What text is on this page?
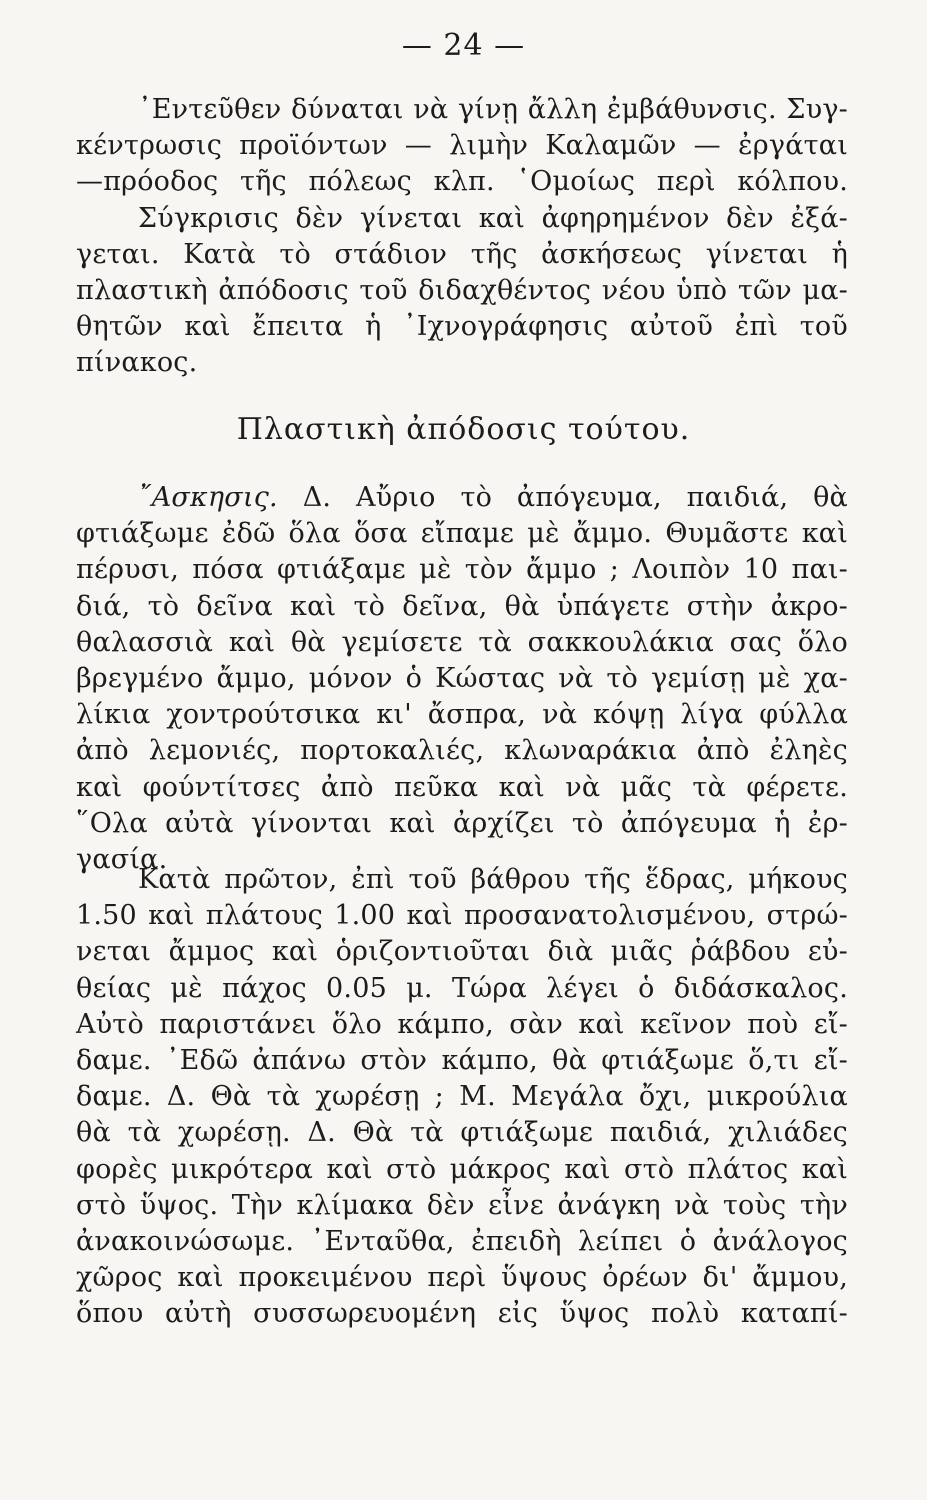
— 24 —
᾿Εντεῦθεν δύναται νὰ γίνῃ ἄλλη ἐμβάθυνσις. Συγ-
κέντρωσις προϊόντων — λιμὴν Καλαμῶν — ἐργάται
—πρόοδος τῆς πόλεως κλπ. ῾Ομοίως περὶ κόλπου.
Σύγκρισις δὲν γίνεται καὶ ἀφηρημένον δὲν ἐξά-
γεται. Κατὰ τὸ στάδιον τῆς ἀσκήσεως γίνεται ἡ
πλαστικὴ ἀπόδοσις τοῦ διδαχθέντος νέου ὑπὸ τῶν μα-
θητῶν καὶ ἔπειτα ἡ ᾿Ιχνογράφησις αὐτοῦ ἐπὶ τοῦ
πίνακος.
Πλαστικὴ ἀπόδοσις τούτου.
῎Ασκησις. Δ. Αὔριο τὸ ἀπόγευμα, παιδιά, θὰ
φτιάξωμε ἐδῶ ὅλα ὅσα εἴπαμε μὲ ἄμμο. Θυμᾶστε καὶ
πέρυσι, πόσα φτιάξαμε μὲ τὸν ἄμμο ; Λοιπὸν 10 παι-
διά, τὸ δεῖνα καὶ τὸ δεῖνα, θὰ ὑπάγετε στὴν ἀκρο-
θαλασσιὰ καὶ θὰ γεμίσετε τὰ σακκουλάκια σας ὅλο
βρεγμένο ἄμμο, μόνον ὁ Κώστας νὰ τὸ γεμίσῃ μὲ χα-
λίκια χοντρούτσικα κι' ἄσπρα, νὰ κόψῃ λίγα φύλλα
ἀπὸ λεμονιές, πορτοκαλιές, κλωναράκια ἀπὸ ἐληὲς
καὶ φούντίτσες ἀπὸ πεῦκα καὶ νὰ μᾶς τὰ φέρετε.
῞Ολα αὐτὰ γίνονται καὶ ἀρχίζει τὸ ἀπόγευμα ἡ ἐρ-
γασία.
Κατὰ πρῶτον, ἐπὶ τοῦ βάθρου τῆς ἕδρας, μήκους
1.50 καὶ πλάτους 1.00 καὶ προσανατολισμένου, στρώ-
νεται ἄμμος καὶ ὁριζοντιοῦται διὰ μιᾶς ῥάβδου εὐ-
θείας μὲ πάχος 0.05 μ. Τώρα λέγει ὁ διδάσκαλος.
Αὐτὸ παριστάνει ὅλο κάμπο, σὰν καὶ κεῖνον ποὺ εἴ-
δαμε. ᾿Εδῶ ἀπάνω στὸν κάμπο, θὰ φτιάξωμε ὅ,τι εἴ-
δαμε. Δ. Θὰ τὰ χωρέσῃ ; Μ. Μεγάλα ὄχι, μικρούλια
θὰ τὰ χωρέσῃ. Δ. Θὰ τὰ φτιάξωμε παιδιά, χιλιάδες
φορὲς μικρότερα καὶ στὸ μάκρος καὶ στὸ πλάτος καὶ
στὸ ὕψος. Τὴν κλίμακα δὲν εἶνε ἀνάγκη νὰ τοὺς τὴν
ἀνακοινώσωμε. ᾿Ενταῦθα, ἐπειδὴ λείπει ὁ ἀνάλογος
χῶρος καὶ προκειμένου περὶ ὕψους ὀρέων δι' ἄμμου,
ὅπου αὐτὴ συσσωρευομένη εἰς ὕψος πολὺ καταπί-
